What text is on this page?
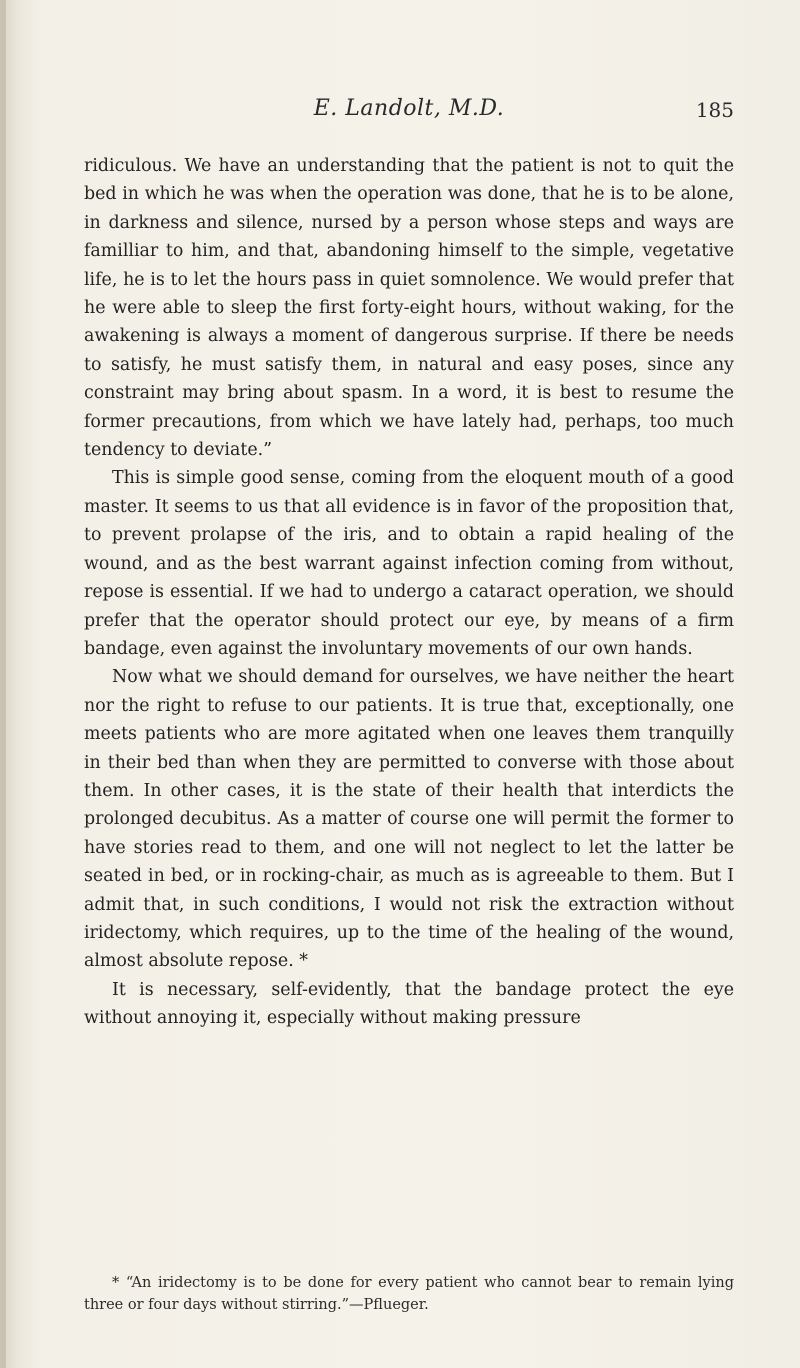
E. Landolt, M.D.	185

ridiculous. We have an understanding that the patient is not to quit the bed in which he was when the operation was done, that he is to be alone, in darkness and silence, nursed by a person whose steps and ways are familliar to him, and that, abandoning himself to the simple, vegetative life, he is to let the hours pass in quiet somnolence. We would prefer that he were able to sleep the first forty-eight hours, without waking, for the awakening is always a moment of dangerous surprise. If there be needs to satisfy, he must satisfy them, in natural and easy poses, since any constraint may bring about spasm. In a word, it is best to resume the former precautions, from which we have lately had, perhaps, too much tendency to deviate.”

This is simple good sense, coming from the eloquent mouth of a good master. It seems to us that all evidence is in favor of the proposition that, to prevent prolapse of the iris, and to obtain a rapid healing of the wound, and as the best warrant against infection coming from without, repose is essential. If we had to undergo a cataract operation, we should prefer that the operator should protect our eye, by means of a firm bandage, even against the involuntary movements of our own hands.

Now what we should demand for ourselves, we have neither the heart nor the right to refuse to our patients. It is true that, exceptionally, one meets patients who are more agitated when one leaves them tranquilly in their bed than when they are permitted to converse with those about them. In other cases, it is the state of their health that interdicts the prolonged decubitus. As a matter of course one will permit the former to have stories read to them, and one will not neglect to let the latter be seated in bed, or in rocking-chair, as much as is agreeable to them. But I admit that, in such conditions, I would not risk the extraction without iridectomy, which requires, up to the time of the healing of the wound, almost absolute repose. *

It is necessary, self-evidently, that the bandage protect the eye without annoying it, especially without making pressure

* “An iridectomy is to be done for every patient who cannot bear to remain lying three or four days without stirring.”—Pflueger.
